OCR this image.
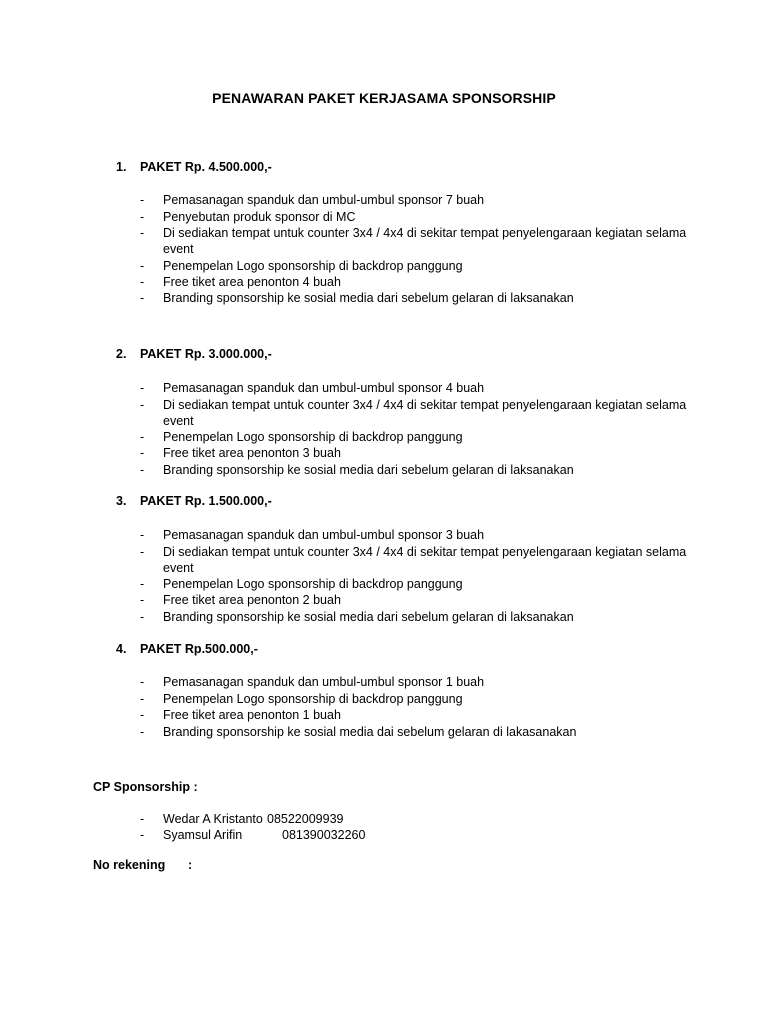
PENAWARAN PAKET KERJASAMA SPONSORSHIP
1. PAKET Rp. 4.500.000,-
- Pemasanagan spanduk dan umbul-umbul sponsor 7 buah
- Penyebutan produk sponsor di MC
- Di sediakan tempat untuk counter 3x4 / 4x4 di sekitar tempat penyelengaraan kegiatan selama event
- Penempelan Logo sponsorship di backdrop panggung
- Free tiket area penonton 4 buah
- Branding sponsorship ke sosial media dari sebelum gelaran di laksanakan
2. PAKET Rp. 3.000.000,-
- Pemasanagan spanduk dan umbul-umbul sponsor 4 buah
- Di sediakan tempat untuk counter 3x4 / 4x4 di sekitar tempat penyelengaraan kegiatan selama event
- Penempelan Logo sponsorship di backdrop panggung
- Free tiket area penonton 3 buah
- Branding sponsorship ke sosial media dari sebelum gelaran di laksanakan
3. PAKET Rp. 1.500.000,-
- Pemasanagan spanduk dan umbul-umbul sponsor 3 buah
- Di sediakan tempat untuk counter 3x4 / 4x4 di sekitar tempat penyelengaraan kegiatan selama event
- Penempelan Logo sponsorship di backdrop panggung
- Free tiket area penonton 2 buah
- Branding sponsorship ke sosial media dari sebelum gelaran di laksanakan
4. PAKET Rp.500.000,-
- Pemasanagan spanduk dan umbul-umbul sponsor 1 buah
- Penempelan Logo sponsorship di backdrop panggung
- Free tiket area penonton 1 buah
- Branding sponsorship ke sosial media dai sebelum gelaran di lakasanakan
CP Sponsorship :
- Wedar A Kristanto 08522009939
- Syamsul Arifin	081390032260
No rekening :
